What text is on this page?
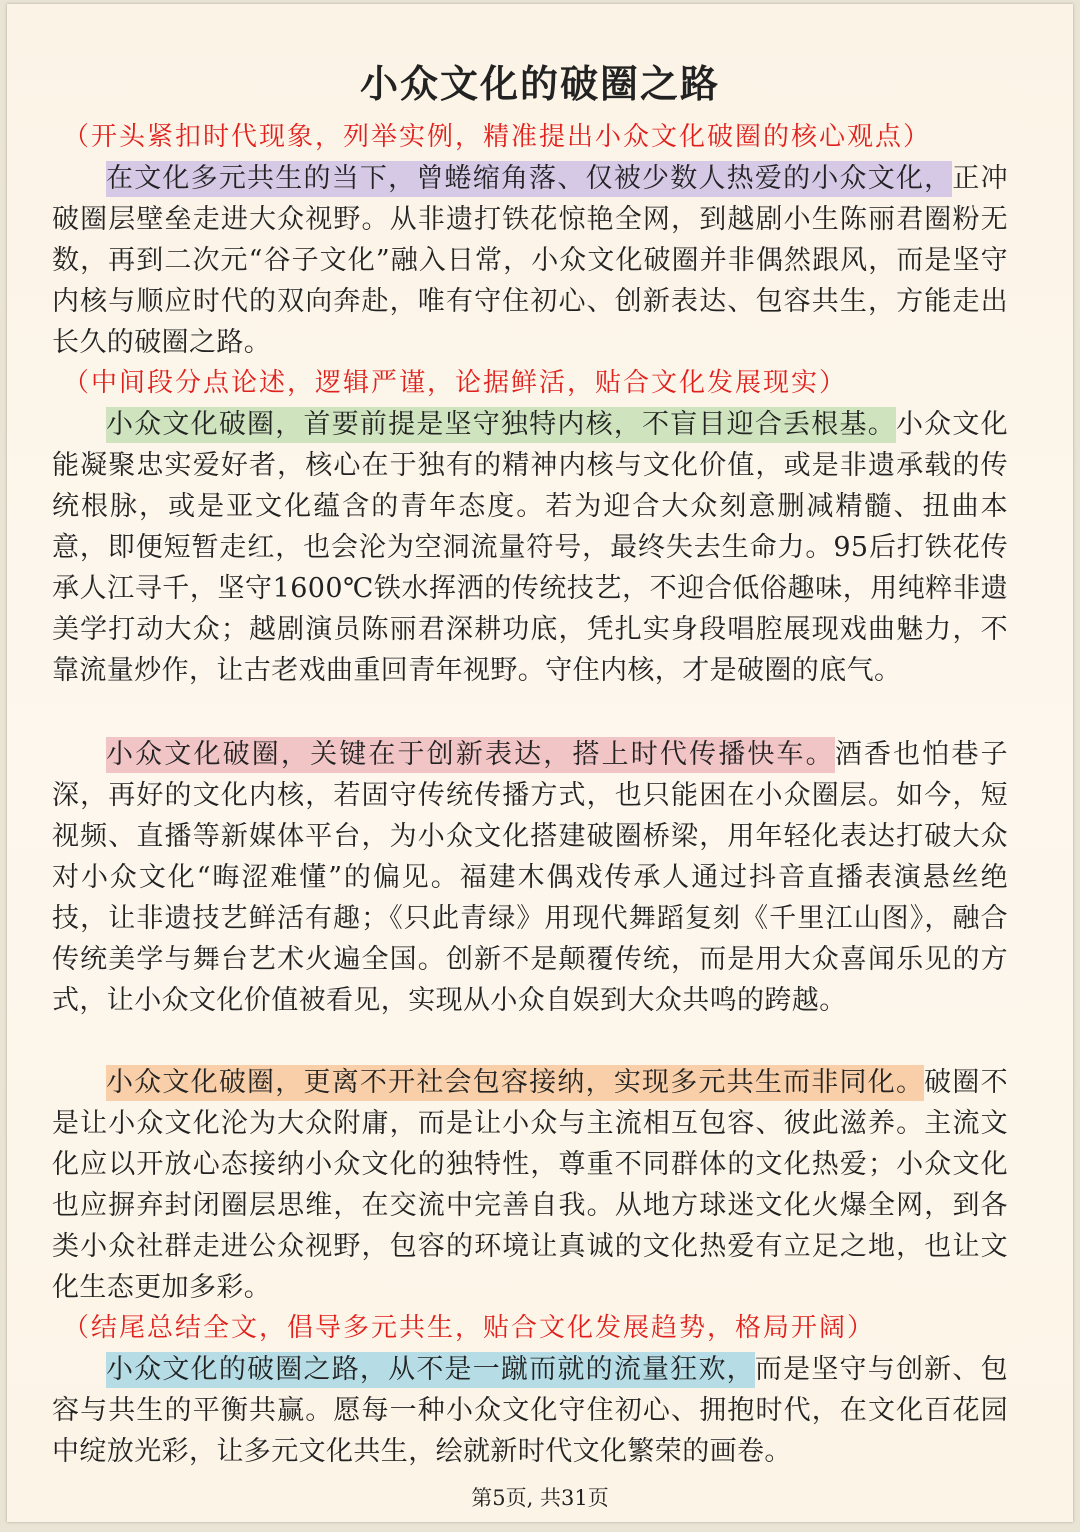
小众文化的破圈之路
（开头紧扣时代现象，列举实例，精准提出小众文化破圈的核心观点）
在文化多元共生的当下，曾蜷缩角落、仅被少数人热爱的小众文化，正冲破圈层壁垒走进大众视野。从非遗打铁花惊艳全网，到越剧小生陈丽君圈粉无数，再到二次元“谷子文化”融入日常，小众文化破圈并非偶然跟风，而是坚守内核与顺应时代的双向奔赴，唯有守住初心、创新表达、包容共生，方能走出长久的破圈之路。
（中间段分点论述，逻辑严谨，论据鲜活，贴合文化发展现实）
小众文化破圈，首要前提是坚守独特内核，不盲目迎合丢根基。小众文化能凝聚忠实爱好者，核心在于独有的精神内核与文化价值，或是非遗承载的传统根脉，或是亚文化蕴含的青年态度。若为迎合大众刻意删减精髓、扭曲本意，即便短暂走红，也会沦为空洞流量符号，最终失去生命力。95后打铁花传承人江寻千，坚守1600℃铁水挥洒的传统技艺，不迎合低俗趣味，用纯粹非遗美学打动大众；越剧演员陈丽君深耕功底，凭扎实身段唱腔展现戏曲魅力，不靠流量炒作，让古老戏曲重回青年视野。守住内核，才是破圈的底气。
小众文化破圈，关键在于创新表达，搭上时代传播快车。酒香也怕巷子深，再好的文化内核，若固守传统传播方式，也只能困在小众圈层。如今，短视频、直播等新媒体平台，为小众文化搭建破圈桥梁，用年轻化表达打破大众对小众文化“晦涩难懂”的偏见。福建木偶戏传承人通过抖音直播表演悬丝绝技，让非遗技艺鲜活有趣；《只此青绿》用现代舞蹈复刻《千里江山图》，融合传统美学与舞台艺术火遍全国。创新不是颠覆传统，而是用大众喜闻乐见的方式，让小众文化价值被看见，实现从小众自娱到大众共鸣的跨越。
小众文化破圈，更离不开社会包容接纳，实现多元共生而非同化。破圈不是让小众文化沦为大众附庸，而是让小众与主流相互包容、彼此滋养。主流文化应以开放心态接纳小众文化的独特性，尊重不同群体的文化热爱；小众文化也应摒弃封闭圈层思维，在交流中完善自我。从地方球迷文化火爆全网，到各类小众社群走进公众视野，包容的环境让真诚的文化热爱有立足之地，也让文化生态更加多彩。
（结尾总结全文，倡导多元共生，贴合文化发展趋势，格局开阔）
小众文化的破圈之路，从不是一蹴而就的流量狂欢，而是坚守与创新、包容与共生的平衡共赢。愿每一种小众文化守住初心、拥抱时代，在文化百花园中绽放光彩，让多元文化共生，绘就新时代文化繁荣的画卷。
第5页, 共31页
